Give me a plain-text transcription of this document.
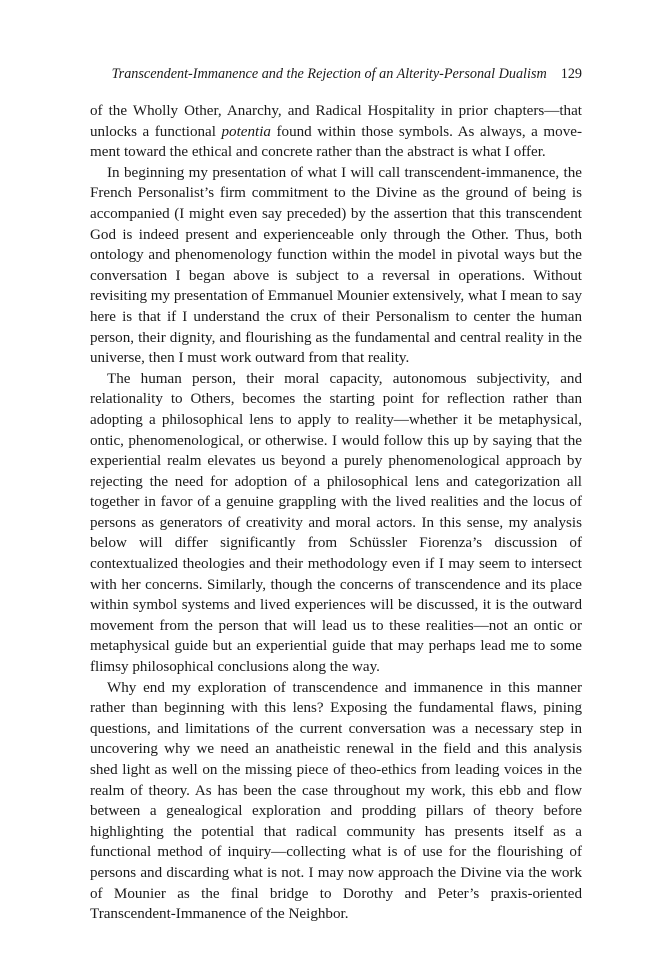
Transcendent-Immanence and the Rejection of an Alterity-Personal Dualism 129

of the Wholly Other, Anarchy, and Radical Hospitality in prior chapters—that unlocks a functional potentia found within those symbols. As always, a movement toward the ethical and concrete rather than the abstract is what I offer.

In beginning my presentation of what I will call transcendent-immanence, the French Personalist’s firm commitment to the Divine as the ground of being is accompanied (I might even say preceded) by the assertion that this transcendent God is indeed present and experienceable only through the Other. Thus, both ontology and phenomenology function within the model in pivotal ways but the conversation I began above is subject to a reversal in operations. Without revisiting my presentation of Emmanuel Mounier extensively, what I mean to say here is that if I understand the crux of their Personalism to center the human person, their dignity, and flourishing as the fundamental and central reality in the universe, then I must work outward from that reality.

The human person, their moral capacity, autonomous subjectivity, and relationality to Others, becomes the starting point for reflection rather than adopting a philosophical lens to apply to reality—whether it be metaphysical, ontic, phenomenological, or otherwise. I would follow this up by saying that the experiential realm elevates us beyond a purely phenomenological approach by rejecting the need for adoption of a philosophical lens and categorization all together in favor of a genuine grappling with the lived realities and the locus of persons as generators of creativity and moral actors. In this sense, my analysis below will differ significantly from Schüssler Fiorenza’s discussion of contextualized theologies and their methodology even if I may seem to intersect with her concerns. Similarly, though the concerns of transcendence and its place within symbol systems and lived experiences will be discussed, it is the outward movement from the person that will lead us to these realities—not an ontic or metaphysical guide but an experiential guide that may perhaps lead me to some flimsy philosophical conclusions along the way.

Why end my exploration of transcendence and immanence in this manner rather than beginning with this lens? Exposing the fundamental flaws, pining questions, and limitations of the current conversation was a necessary step in uncovering why we need an anatheistic renewal in the field and this analysis shed light as well on the missing piece of theo-ethics from leading voices in the realm of theory. As has been the case throughout my work, this ebb and flow between a genealogical exploration and prodding pillars of theory before highlighting the potential that radical community has presents itself as a functional method of inquiry—collecting what is of use for the flourishing of persons and discarding what is not. I may now approach the Divine via the work of Mounier as the final bridge to Dorothy and Peter’s praxis-oriented Transcendent-Immanence of the Neighbor.
